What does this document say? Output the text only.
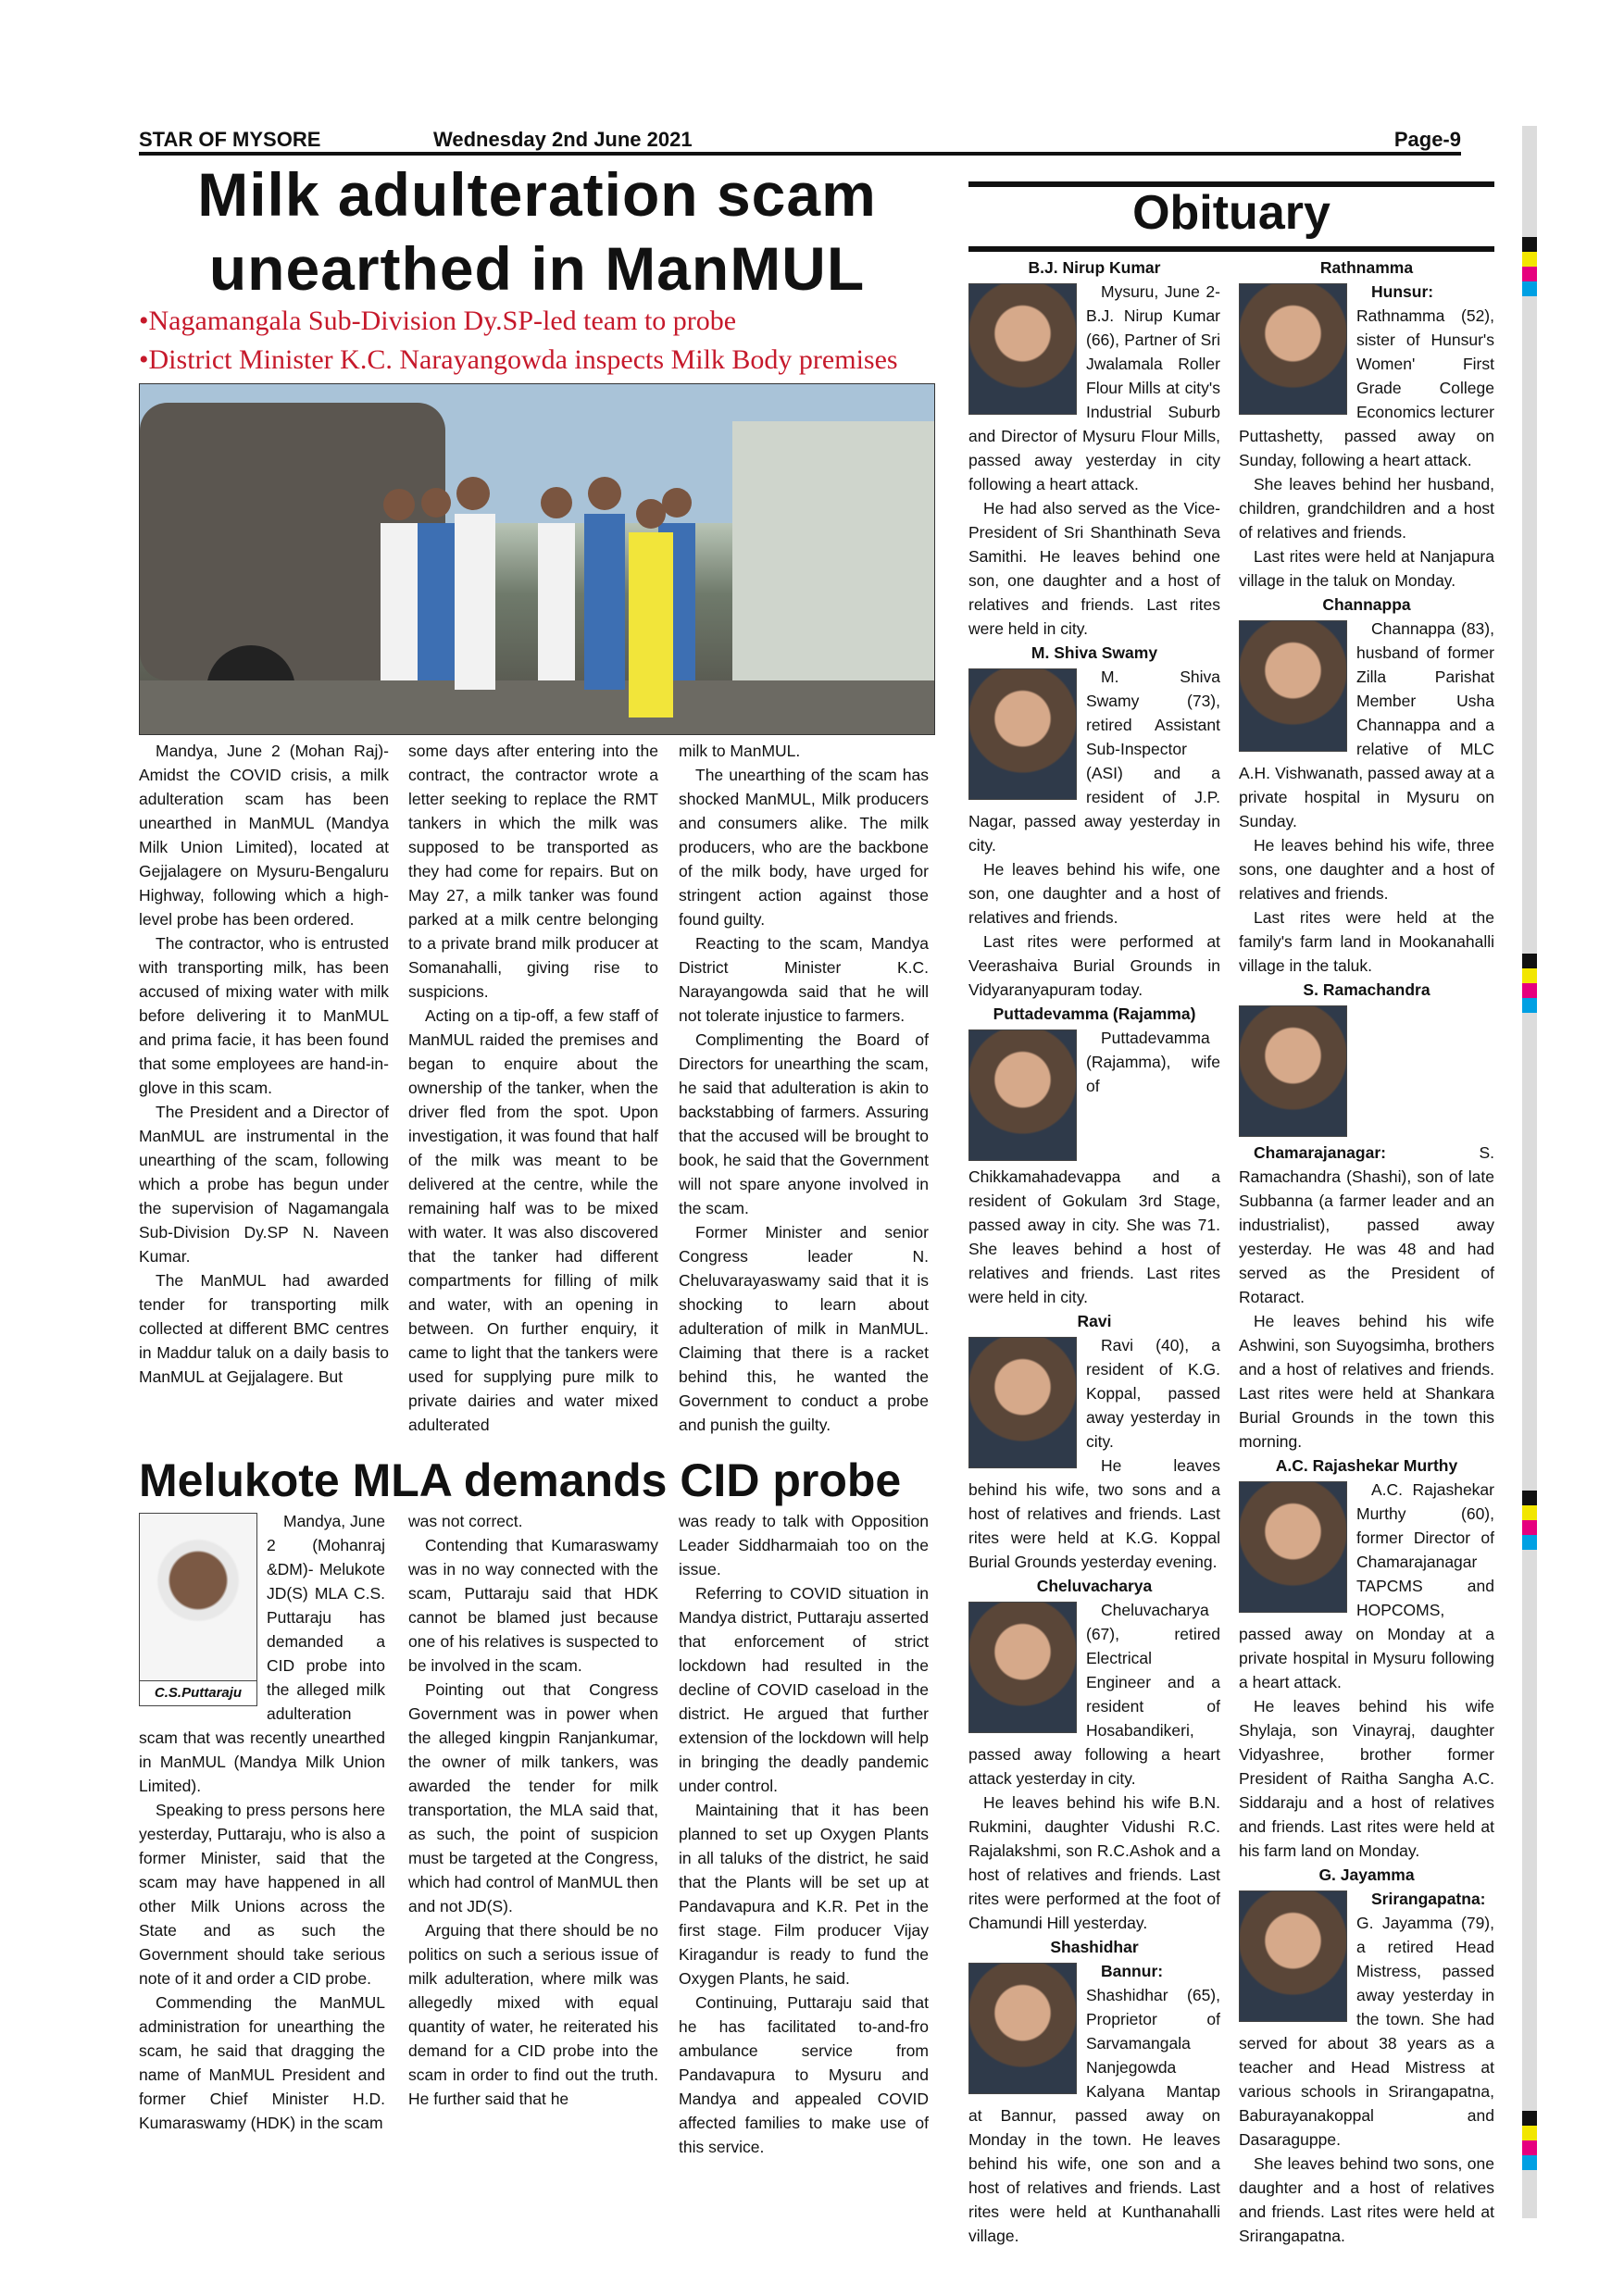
STAR OF MYSORE	Wednesday 2nd June 2021	Page-9
Milk adulteration scam unearthed in ManMUL
• Nagamangala Sub-Division Dy.SP-led team to probe
• District Minister K.C. Narayangowda inspects Milk Body premises

Mandya, June 2 (Mohan Raj)- Amidst the COVID crisis, a milk adulteration scam has been unearthed in ManMUL (Mandya Milk Union Limited), located at Gejjalagere on Mysuru-Bengaluru Highway, following which a high-level probe has been ordered.

The contractor, who is entrusted with transporting milk, has been accused of mixing water with milk before delivering it to ManMUL and prima facie, it has been found that some employees are hand-in-glove in this scam.

The President and a Director of ManMUL are instrumental in the unearthing of the scam, following which a probe has begun under the supervision of Nagamangala Sub-Division Dy.SP N. Naveen Kumar.

The ManMUL had awarded tender for transporting milk collected at different BMC centres in Maddur taluk on a daily basis to ManMUL at Gejjalagere. But

some days after entering into the contract, the contractor wrote a letter seeking to replace the RMT tankers in which the milk was supposed to be transported as they had come for repairs. But on May 27, a milk tanker was found parked at a milk centre belonging to a private brand milk producer at Somanahalli, giving rise to suspicions.

Acting on a tip-off, a few staff of ManMUL raided the premises and began to enquire about the ownership of the tanker, when the driver fled from the spot. Upon investigation, it was found that half of the milk was meant to be delivered at the centre, while the remaining half was to be mixed with water. It was also discovered that the tanker had different compartments for filling of milk and water, with an opening in between. On further enquiry, it came to light that the tankers were used for supplying pure milk to private dairies and water mixed adulterated

milk to ManMUL.

The unearthing of the scam has shocked ManMUL, Milk producers and consumers alike. The milk producers, who are the backbone of the milk body, have urged for stringent action against those found guilty.

Reacting to the scam, Mandya District Minister K.C. Narayangowda said that he will not tolerate injustice to farmers.

Complimenting the Board of Directors for unearthing the scam, he said that adulteration is akin to backstabbing of farmers. Assuring that the accused will be brought to book, he said that the Government will not spare anyone involved in the scam.

Former Minister and senior Congress leader N. Cheluvarayaswamy said that it is shocking to learn about adulteration of milk in ManMUL. Claiming that there is a racket behind this, he wanted the Government to conduct a probe and punish the guilty.

Melukote MLA demands CID probe
C.S.Puttaraju

Mandya, June 2 (Mohanraj &DM)- Melukote JD(S) MLA C.S. Puttaraju has demanded a CID probe into the alleged milk adulteration scam that was recently unearthed in ManMUL (Mandya Milk Union Limited).

Speaking to press persons here yesterday, Puttaraju, who is also a former Minister, said that the scam may have happened in all other Milk Unions across the State and as such the Government should take serious note of it and order a CID probe.

Commending the ManMUL administration for unearthing the scam, he said that dragging the name of ManMUL President and former Chief Minister H.D. Kumaraswamy (HDK) in the scam

was not correct.

Contending that Kumaraswamy was in no way connected with the scam, Puttaraju said that HDK cannot be blamed just because one of his relatives is suspected to be involved in the scam.

Pointing out that Congress Government was in power when the alleged kingpin Ranjankumar, the owner of milk tankers, was awarded the tender for milk transportation, the MLA said that, as such, the point of suspicion must be targeted at the Congress, which had control of ManMUL then and not JD(S).

Arguing that there should be no politics on such a serious issue of milk adulteration, where milk was allegedly mixed with equal quantity of water, he reiterated his demand for a CID probe into the scam in order to find out the truth. He further said that he

was ready to talk with Opposition Leader Siddharmaiah too on the issue.

Referring to COVID situation in Mandya district, Puttaraju asserted that enforcement of strict lockdown had resulted in the decline of COVID caseload in the district. He argued that further extension of the lockdown will help in bringing the deadly pandemic under control.

Maintaining that it has been planned to set up Oxygen Plants in all taluks of the district, he said that the Plants will be set up at Pandavapura and K.R. Pet in the first stage. Film producer Vijay Kiragandur is ready to fund the Oxygen Plants, he said.

Continuing, Puttaraju said that he has facilitated to-and-fro ambulance service from Pandavapura to Mysuru and Mandya and appealed COVID affected families to make use of this service.

Obituary
B.J. Nirup Kumar

Mysuru, June 2- B.J. Nirup Kumar (66), Partner of Sri Jwalamala Roller Flour Mills at city's Industrial Suburb and Director of Mysuru Flour Mills, passed away yesterday in city following a heart attack.

He had also served as the Vice-President of Sri Shanthinath Seva Samithi. He leaves behind one son, one daughter and a host of relatives and friends. Last rites were held in city.

M. Shiva Swamy

M. Shiva Swamy (73), retired Assistant Sub-Inspector (ASI) and a resident of J.P. Nagar, passed away yesterday in city.

He leaves behind his wife, one son, one daughter and a host of relatives and friends.

Last rites were performed at Veerashaiva Burial Grounds in Vidyaranyapuram today.

Puttadevamma (Rajamma)

Puttadevamma (Rajamma), wife of Chikkamahadevappa and a resident of Gokulam 3rd Stage, passed away in city. She was 71. She leaves behind a host of relatives and friends. Last rites were held in city.

Ravi

Ravi (40), a resident of K.G. Koppal, passed away yesterday in city.

He leaves behind his wife, two sons and a host of relatives and friends. Last rites were held at K.G. Koppal Burial Grounds yesterday evening.

Cheluvacharya

Cheluvacharya (67), retired Electrical Engineer and a resident of Hosabandikeri, passed away following a heart attack yesterday in city.

He leaves behind his wife B.N. Rukmini, daughter Vidushi R.C. Rajalakshmi, son R.C.Ashok and a host of relatives and friends. Last rites were performed at the foot of Chamundi Hill yesterday.

Shashidhar

Bannur: Shashidhar (65), Proprietor of Sarvamangala Nanjegowda Kalyana Mantap at Bannur, passed away on Monday in the town. He leaves behind his wife, one son and a host of relatives and friends. Last rites were held at Kunthanahalli village.

Rathnamma

Hunsur: Rathnamma (52), sister of Hunsur's Women' First Grade College Economics lecturer Puttashetty, passed away on Sunday, following a heart attack.

She leaves behind her husband, children, grandchildren and a host of relatives and friends.

Last rites were held at Nanjapura village in the taluk on Monday.

Channappa

Channappa (83), husband of former Zilla Parishat Member Usha Channappa and a relative of MLC A.H. Vishwanath, passed away at a private hospital in Mysuru on Sunday.

He leaves behind his wife, three sons, one daughter and a host of relatives and friends.

Last rites were held at the family's farm land in Mookanahalli village in the taluk.

S. Ramachandra

Chamarajanagar:	S. Ramachandra (Shashi), son of late Subbanna (a farmer leader and an industrialist), passed away yesterday. He was 48 and had served as the President of Rotaract.

He leaves behind his wife Ashwini, son Suyogsimha, brothers and a host of relatives and friends. Last rites were held at Shankara Burial Grounds in the town this morning.

A.C. Rajashekar Murthy

A.C. Rajashekar Murthy (60), former Director of Chamarajanagar TAPCMS and HOPCOMS, passed away on Monday at a private hospital in Mysuru following a heart attack.

He leaves behind his wife Shylaja, son Vinayraj, daughter Vidyashree, brother former President of Raitha Sangha A.C. Siddaraju and a host of relatives and friends. Last rites were held at his farm land on Monday.

G. Jayamma

Srirangapatna: G. Jayamma (79), a retired Head Mistress, passed away yesterday in the town. She had served for about 38 years as a teacher and Head Mistress at various schools in Srirangapatna, Baburayanakoppal and Dasaraguppe.

She leaves behind two sons, one daughter and a host of relatives and friends. Last rites were held at Srirangapatna.
